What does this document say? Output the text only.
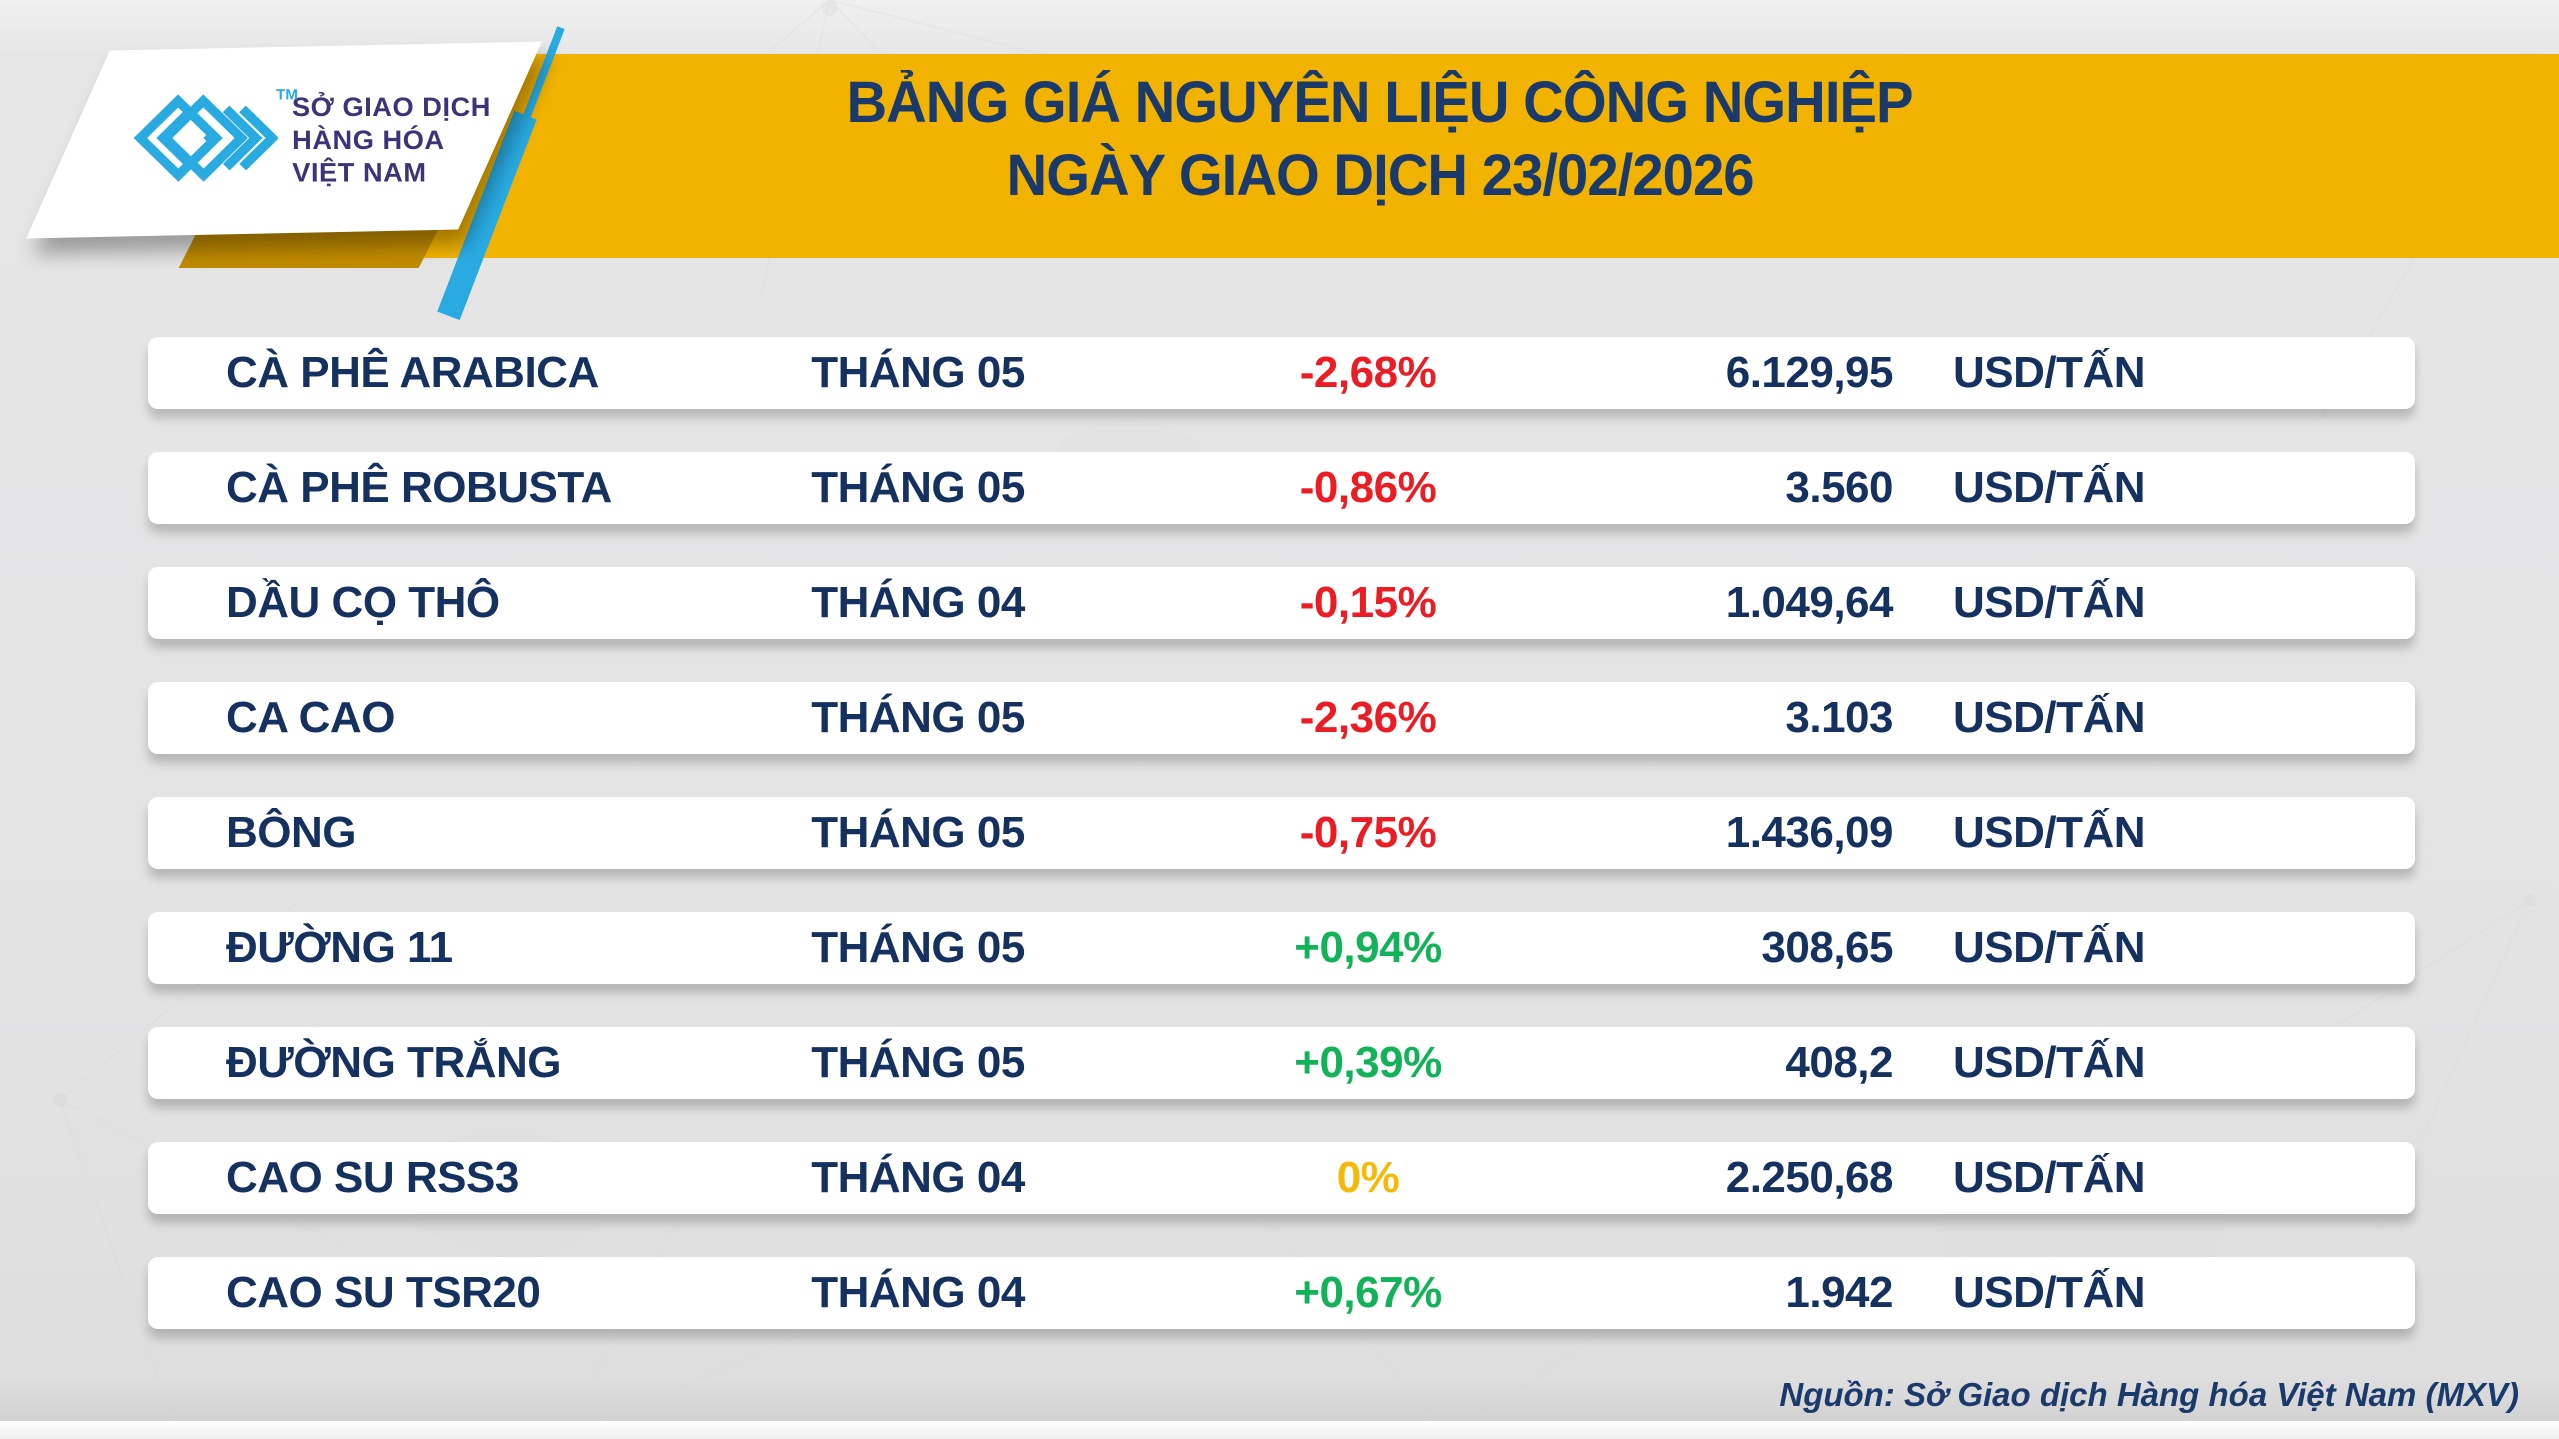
BẢNG GIÁ NGUYÊN LIỆU CÔNG NGHIỆP
NGÀY GIAO DỊCH 23/02/2026
TM
SỞ GIAO DỊCH
HÀNG HÓA
VIỆT NAM
CÀ PHÊ ARABICA	THÁNG 05	-2,68%	6.129,95	USD/TẤN
CÀ PHÊ ROBUSTA	THÁNG 05	-0,86%	3.560	USD/TẤN
DẦU CỌ THÔ	THÁNG 04	-0,15%	1.049,64	USD/TẤN
CA CAO	THÁNG 05	-2,36%	3.103	USD/TẤN
BÔNG	THÁNG 05	-0,75%	1.436,09	USD/TẤN
ĐƯỜNG 11	THÁNG 05	+0,94%	308,65	USD/TẤN
ĐƯỜNG TRẮNG	THÁNG 05	+0,39%	408,2	USD/TẤN
CAO SU RSS3	THÁNG 04	0%	2.250,68	USD/TẤN
CAO SU TSR20	THÁNG 04	+0,67%	1.942	USD/TẤN
Nguồn: Sở Giao dịch Hàng hóa Việt Nam (MXV)
